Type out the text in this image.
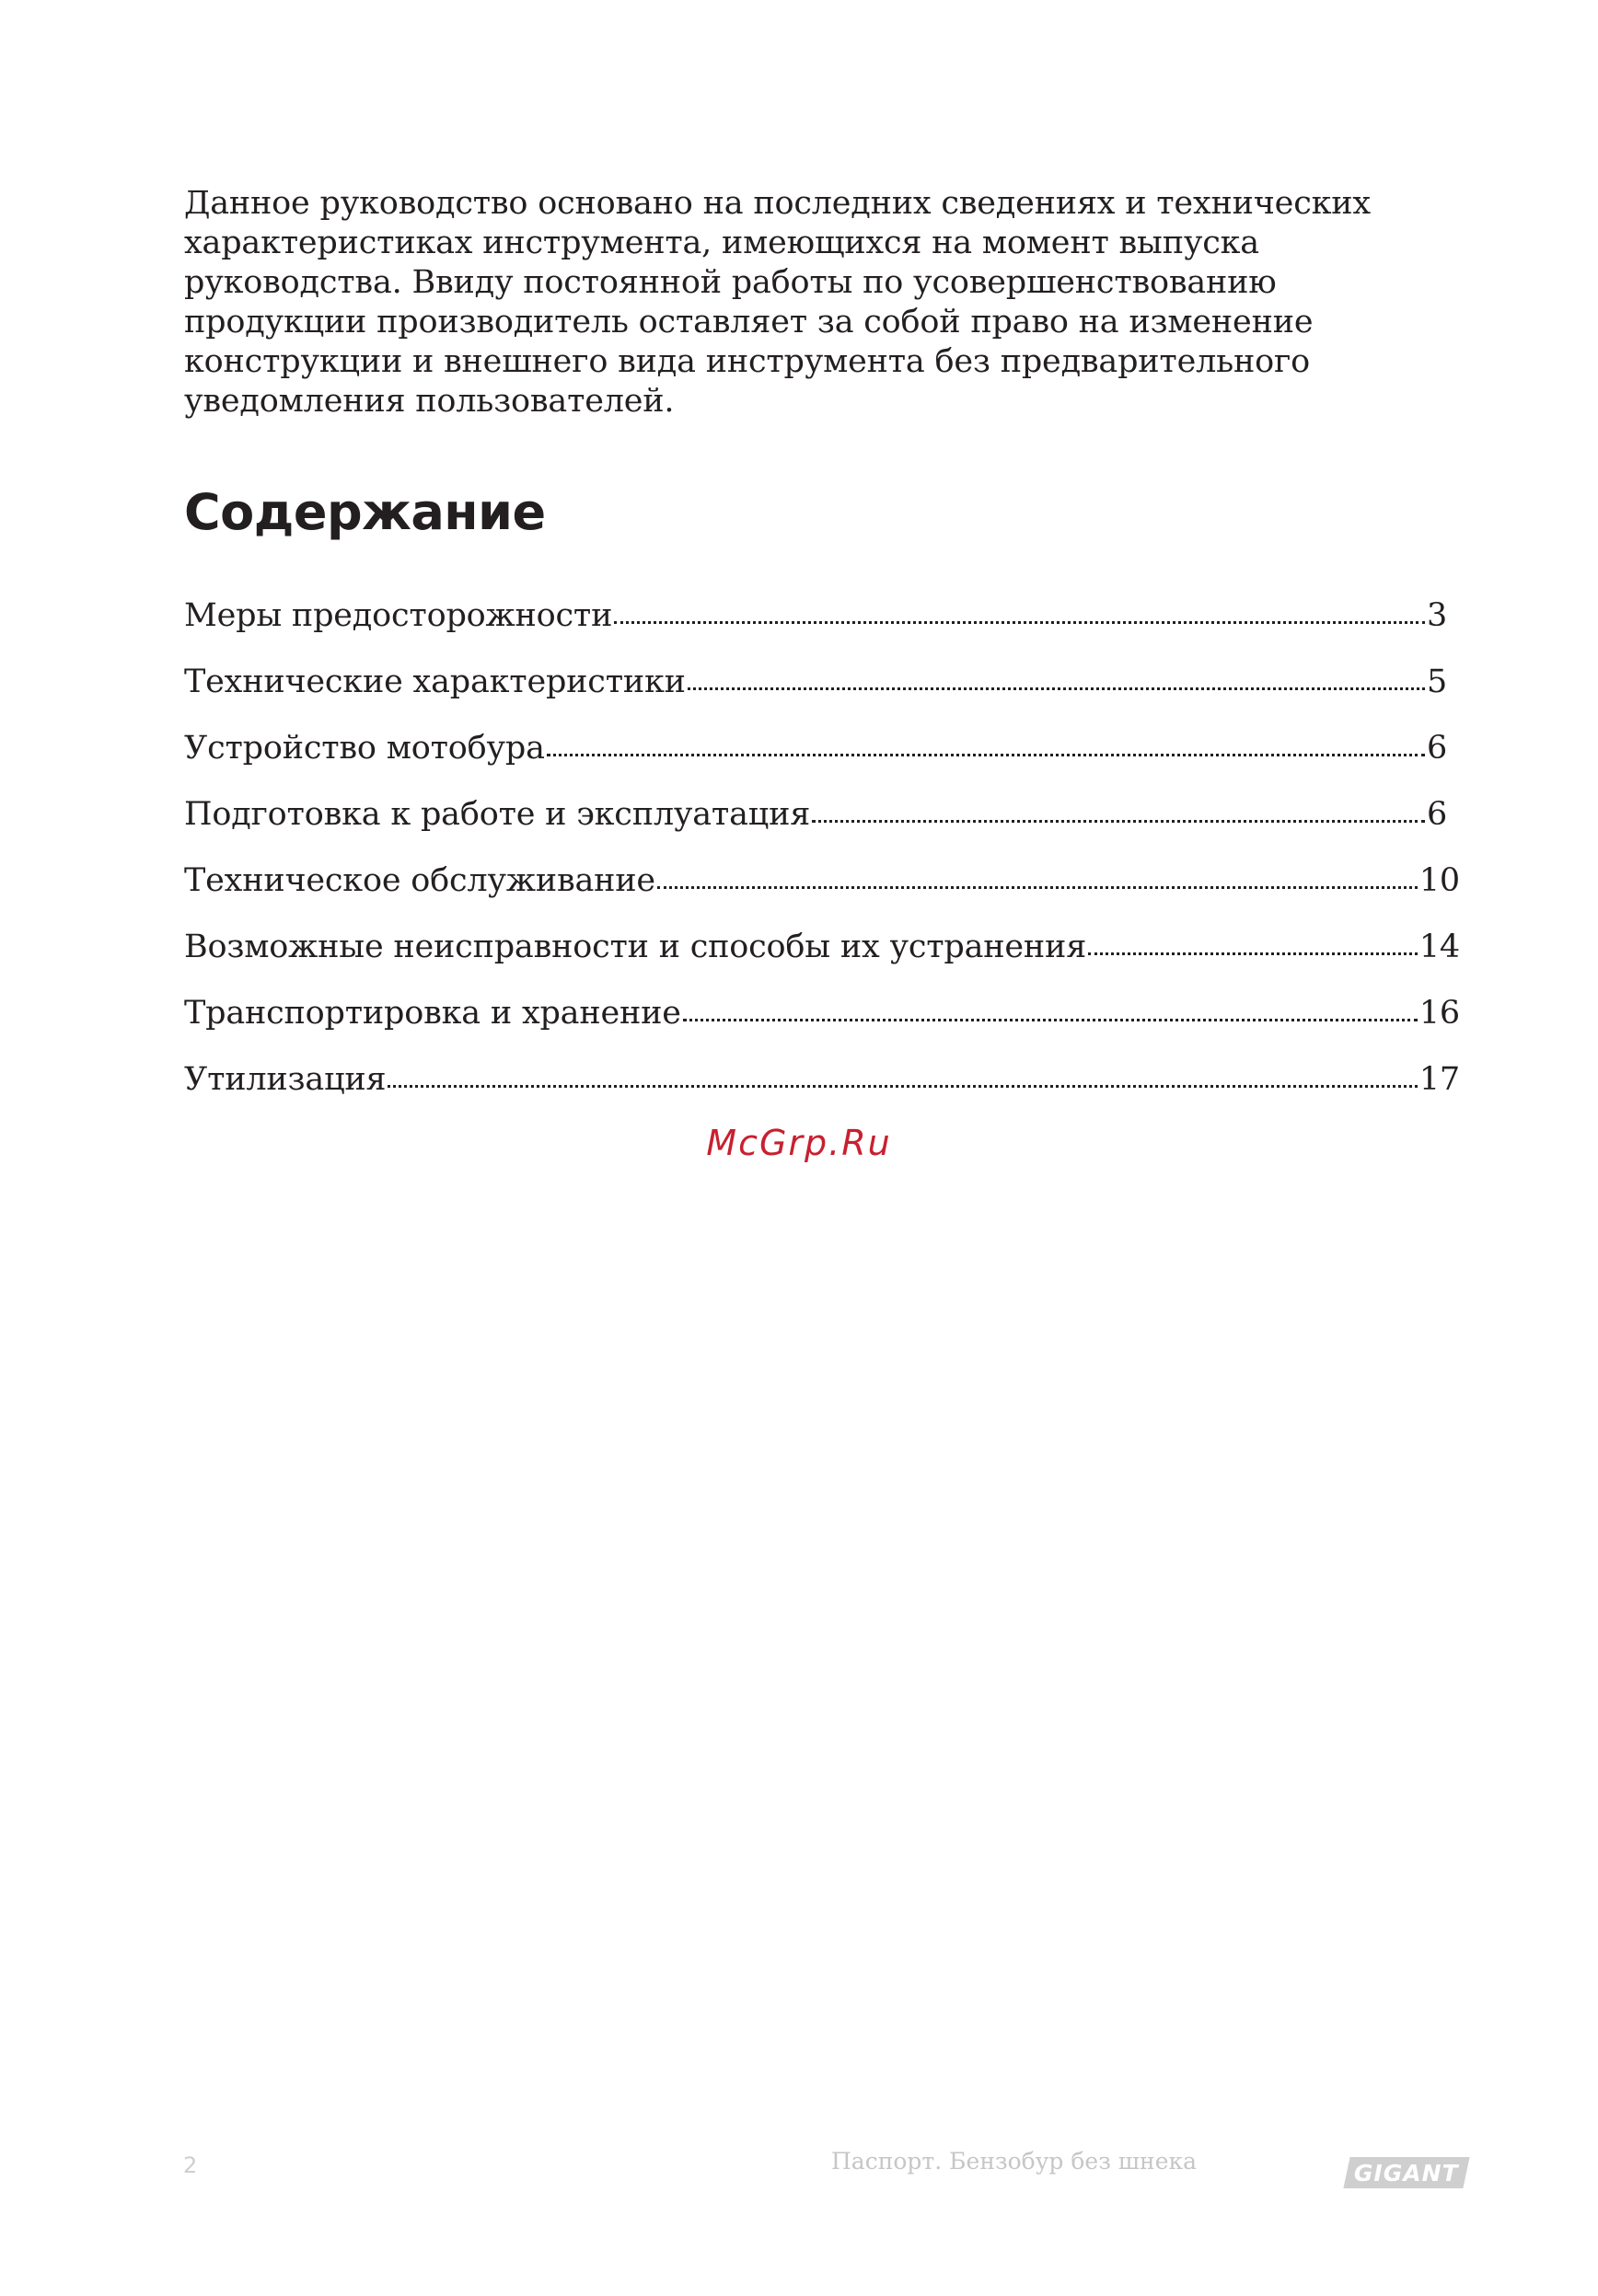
Данное руководство основано на последних сведениях и технических характеристиках инструмента, имеющихся на момент выпуска руководства. Ввиду постоянной работы по усовершенствованию продукции производитель оставляет за собой право на изменение конструкции и внешнего вида инструмента без предварительного уведомления пользователей.

Содержание
Меры предосторожности	3
Технические характеристики	5
Устройство мотобура	6
Подготовка к работе и эксплуатация	6
Техническое обслуживание	10
Возможные неисправности и способы их устранения	14
Транспортировка и хранение	16
Утилизация	17
McGrp.Ru
2	Паспорт. Бензобур без шнека	GIGANT
